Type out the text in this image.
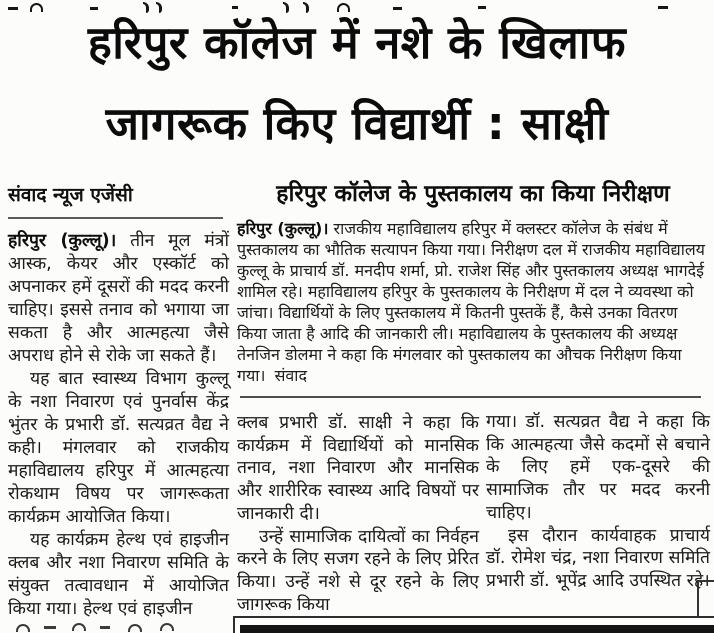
हरिपुर कॉलेज में नशे के खिलाफ
जागरूक किए विद्यार्थी : साक्षी
संवाद न्यूज एजेंसी

हरिपुर (कुल्लू)। तीन मूल मंत्रों आस्क, केयर और एस्कॉर्ट को अपनाकर हमें दूसरों की मदद करनी चाहिए। इससे तनाव को भगाया जा सकता है और आत्महत्या जैसे अपराध होने से रोके जा सकते हैं।

यह बात स्वास्थ्य विभाग कुल्लू के नशा निवारण एवं पुनर्वास केंद्र भुंतर के प्रभारी डॉ. सत्यव्रत वैद्य ने कही। मंगलवार को राजकीय महाविद्यालय हरिपुर में आत्महत्या रोकथाम विषय पर जागरूकता कार्यक्रम आयोजित किया।

यह कार्यक्रम हेल्थ एवं हाइजीन क्लब और नशा निवारण समिति के संयुक्त तत्वावधान में आयोजित किया गया। हेल्थ एवं हाइजीन

हरिपुर कॉलेज के पुस्तकालय का किया निरीक्षण
हरिपुर (कुल्लू)। राजकीय महाविद्यालय हरिपुर में क्लस्टर कॉलेज के संबंध में पुस्तकालय का भौतिक सत्यापन किया गया। निरीक्षण दल में राजकीय महाविद्यालय कुल्लू के प्राचार्य डॉ. मनदीप शर्मा, प्रो. राजेश सिंह और पुस्तकालय अध्यक्ष भागदेई शामिल रहे। महाविद्यालय हरिपुर के पुस्तकालय के निरीक्षण में दल ने व्यवस्था को जांचा। विद्यार्थियों के लिए पुस्तकालय में कितनी पुस्तकें हैं, कैसे उनका वितरण किया जाता है आदि की जानकारी ली। महाविद्यालय के पुस्तकालय की अध्यक्ष तेनजिन डोलमा ने कहा कि मंगलवार को पुस्तकालय का औचक निरीक्षण किया गया। संवाद

क्लब प्रभारी डॉ. साक्षी ने कहा कि कार्यक्रम में विद्यार्थियों को मानसिक तनाव, नशा निवारण और मानसिक और शारीरिक स्वास्थ्य आदि विषयों पर जानकारी दी।

उन्हें सामाजिक दायित्वों का निर्वहन करने के लिए सजग रहने के लिए प्रेरित किया। उन्हें नशे से दूर रहने के लिए जागरूक किया

गया। डॉ. सत्यव्रत वैद्य ने कहा कि कि आत्महत्या जैसे कदमों से बचाने के लिए हमें एक-दूसरे की सामाजिक तौर पर मदद करनी चाहिए।

इस दौरान कार्यवाहक प्राचार्य डॉ. रोमेश चंद्र, नशा निवारण समिति प्रभारी डॉ. भूपेंद्र आदि उपस्थित रहे।
